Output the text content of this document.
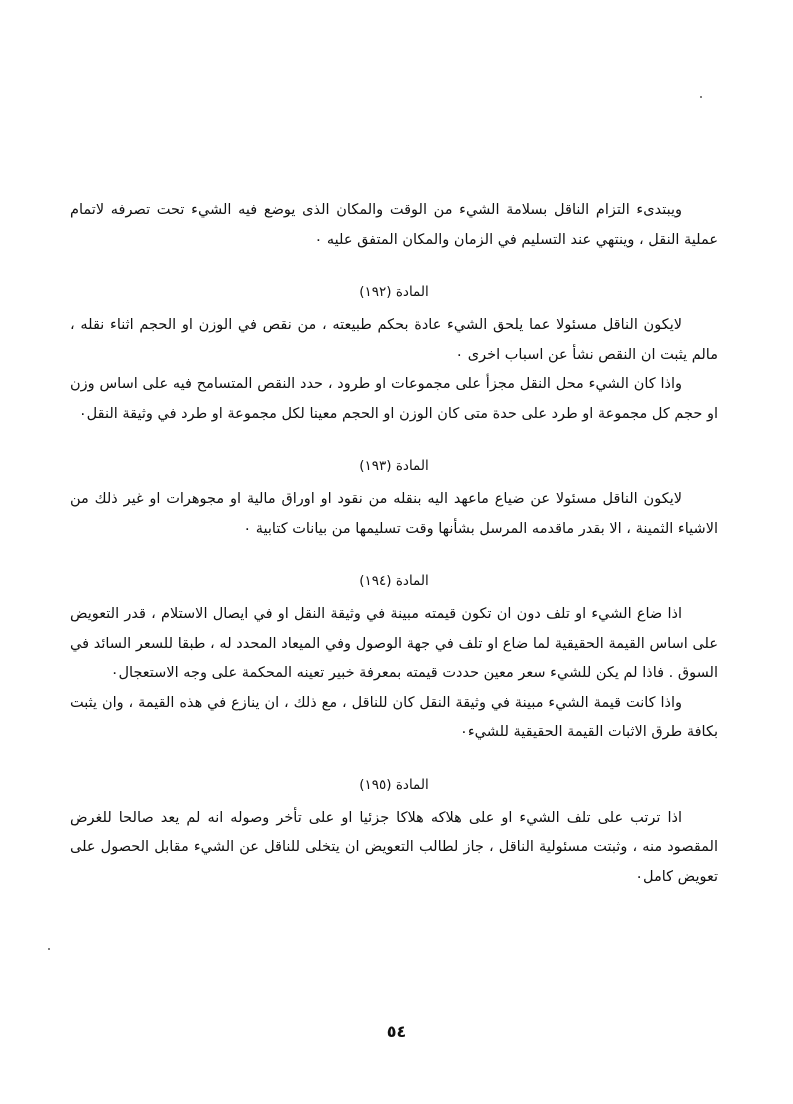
ويبتدىء التزام الناقل بسلامة الشيء من الوقت والمكان الذى يوضع فيه الشيء تحت تصرفه لاتمام عملية النقل ، وينتهي عند التسليم في الزمان والمكان المتفق عليه ٠

المادة (١٩٢)

لايكون الناقل مسئولا عما يلحق الشيء عادة بحكم طبيعته ، من نقص في الوزن او الحجم اثناء نقله ، مالم يثبت ان النقص نشأ عن اسباب اخرى ٠

واذا كان الشيء محل النقل مجزأ على مجموعات او طرود ، حدد النقص المتسامح فيه على اساس وزن او حجم كل مجموعة او طرد على حدة متى كان الوزن او الحجم معينا لكل مجموعة او طرد في وثيقة النقل٠

المادة (١٩٣)

لايكون الناقل مسئولا عن ضياع ماعهد اليه بنقله من نقود او اوراق مالية او مجوهرات او غير ذلك من الاشياء الثمينة ، الا بقدر ماقدمه المرسل بشأنها وقت تسليمها من بيانات كتابية ٠

المادة (١٩٤)

اذا ضاع الشيء او تلف دون ان تكون قيمته مبينة في وثيقة النقل او في ايصال الاستلام ، قدر التعويض على اساس القيمة الحقيقية لما ضاع او تلف في جهة الوصول وفي الميعاد المحدد له ، طبقا للسعر السائد في السوق . فاذا لم يكن للشيء سعر معين حددت قيمته بمعرفة خبير تعينه المحكمة على وجه الاستعجال٠

واذا كانت قيمة الشيء مبينة في وثيقة النقل كان للناقل ، مع ذلك ، ان ينازع في هذه القيمة ، وان يثبت بكافة طرق الاثبات القيمة الحقيقية للشيء٠

المادة (١٩٥)

اذا ترتب على تلف الشيء او على هلاكه هلاكا جزئيا او على تأخر وصوله انه لم يعد صالحا للغرض المقصود منه ، وثبتت مسئولية الناقل ، جاز لطالب التعويض ان يتخلى للناقل عن الشيء مقابل الحصول على تعويض كامل٠

٥٤
